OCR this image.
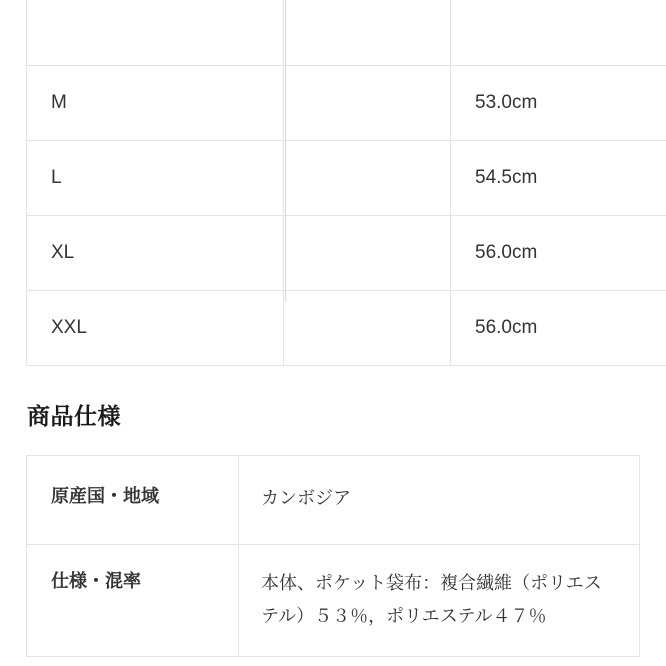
M		53.0cm
L		54.5cm
XL		56.0cm
XXL		56.0cm
商品仕様
原産国・地域	カンボジア

仕様・混率	本体、ポケット袋布：複合繊維（ポリエステル）５３％，ポリエステル４７％
